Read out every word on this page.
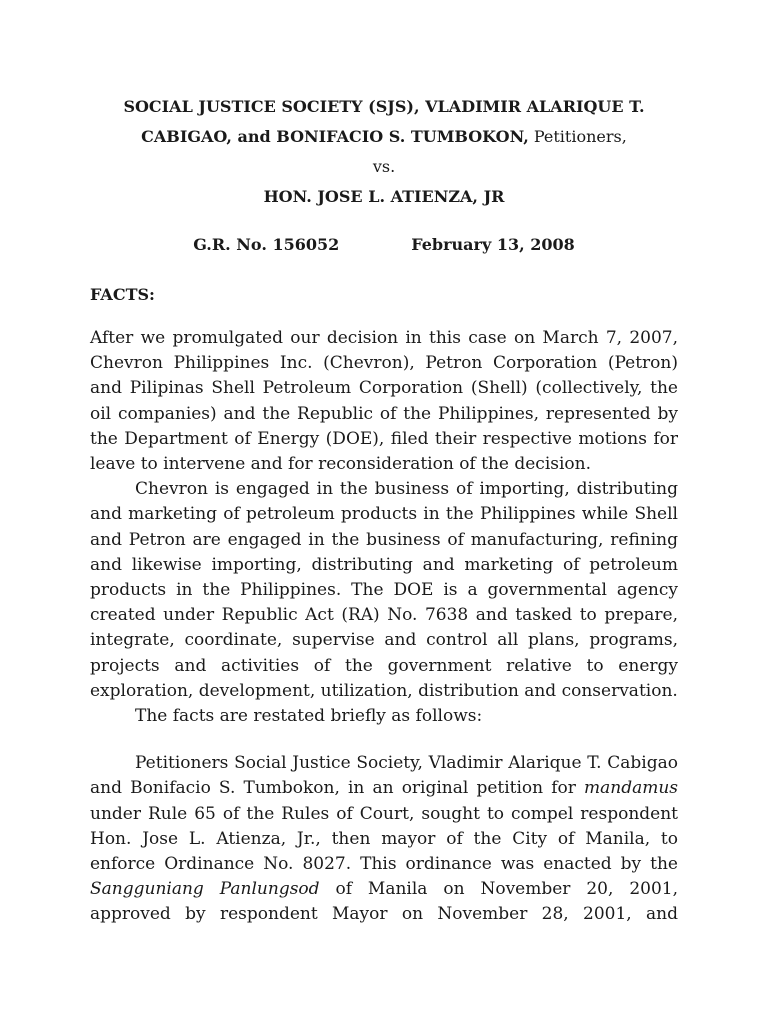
SOCIAL JUSTICE SOCIETY (SJS), VLADIMIR ALARIQUE T. CABIGAO, and BONIFACIO S. TUMBOKON, Petitioners,
vs.
HON. JOSE L. ATIENZA, JR
G.R. No. 156052	February 13, 2008
FACTS:

After we promulgated our decision in this case on March 7, 2007, Chevron Philippines Inc. (Chevron), Petron Corporation (Petron) and Pilipinas Shell Petroleum Corporation (Shell) (collectively, the oil companies) and the Republic of the Philippines, represented by the Department of Energy (DOE), filed their respective motions for leave to intervene and for reconsideration of the decision.

Chevron is engaged in the business of importing, distributing and marketing of petroleum products in the Philippines while Shell and Petron are engaged in the business of manufacturing, refining and likewise importing, distributing and marketing of petroleum products in the Philippines. The DOE is a governmental agency created under Republic Act (RA) No. 7638 and tasked to prepare, integrate, coordinate, supervise and control all plans, programs, projects and activities of the government relative to energy exploration, development, utilization, distribution and conservation.

The facts are restated briefly as follows:

Petitioners Social Justice Society, Vladimir Alarique T. Cabigao and Bonifacio S. Tumbokon, in an original petition for mandamus under Rule 65 of the Rules of Court, sought to compel respondent Hon. Jose L. Atienza, Jr., then mayor of the City of Manila, to enforce Ordinance No. 8027. This ordinance was enacted by the Sangguniang Panlungsod of Manila on November 20, 2001, approved by respondent Mayor on November 28, 2001, and
